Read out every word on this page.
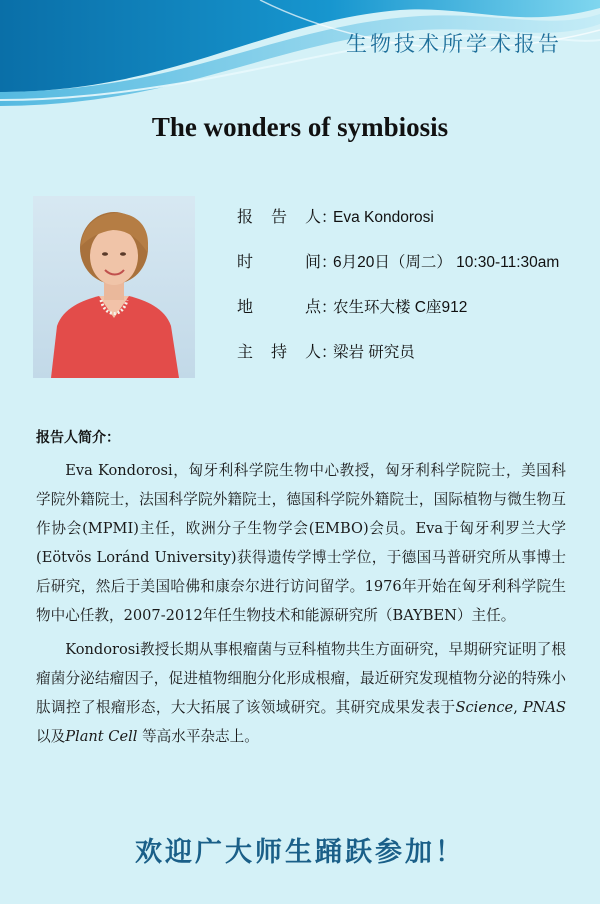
生物技术所学术报告
The wonders of symbiosis
报 告 人 ：
Eva Kondorosi
时	间 ：
6月20日（周二） 10:30-11:30am
地	点 ：
农生环大楼 C座912
主 持 人 ：
梁岩 研究员
报告人简介：

Eva Kondorosi，匈牙利科学院生物中心教授，匈牙利科学院院士，美国科学院外籍院士，法国科学院外籍院士，德国科学院外籍院士，国际植物与微生物互作协会(MPMI)主任，欧洲分子生物学会(EMBO)会员。Eva于匈牙利罗兰大学(Eötvös Loránd University)获得遗传学博士学位，于德国马普研究所从事博士后研究，然后于美国哈佛和康奈尔进行访问留学。1976年开始在匈牙利科学院生物中心任教，2007-2012年任生物技术和能源研究所（BAYBEN）主任。

Kondorosi教授长期从事根瘤菌与豆科植物共生方面研究，早期研究证明了根瘤菌分泌结瘤因子，促进植物细胞分化形成根瘤，最近研究发现植物分泌的特殊小肽调控了根瘤形态，大大拓展了该领域研究。其研究成果发表于Science, PNAS以及Plant Cell 等高水平杂志上。

欢迎广大师生踊跃参加！
